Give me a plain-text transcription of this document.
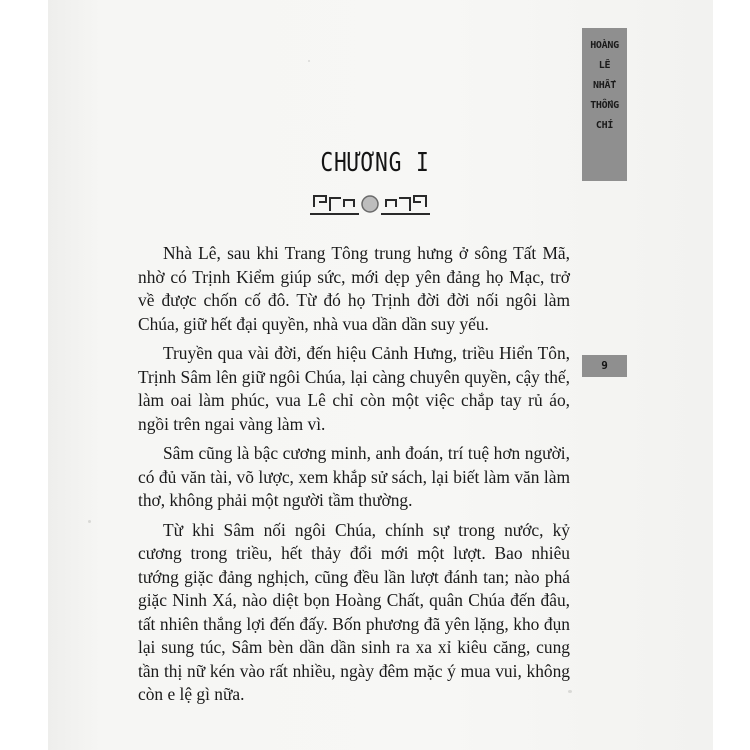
HOÀNG
LÊ
NHẤT
THỐNG
CHÍ
9
CHƯƠNG I

Nhà Lê, sau khi Trang Tông trung hưng ở sông Tất Mã, nhờ có Trịnh Kiểm giúp sức, mới dẹp yên đảng họ Mạc, trở về được chốn cố đô. Từ đó họ Trịnh đời đời nối ngôi làm Chúa, giữ hết đại quyền, nhà vua dần dần suy yếu.

Truyền qua vài đời, đến hiệu Cảnh Hưng, triều Hiển Tôn, Trịnh Sâm lên giữ ngôi Chúa, lại càng chuyên quyền, cậy thế, làm oai làm phúc, vua Lê chỉ còn một việc chắp tay rủ áo, ngồi trên ngai vàng làm vì.

Sâm cũng là bậc cương minh, anh đoán, trí tuệ hơn người, có đủ văn tài, võ lược, xem khắp sử sách, lại biết làm văn làm thơ, không phải một người tầm thường.

Từ khi Sâm nối ngôi Chúa, chính sự trong nước, kỷ cương trong triều, hết thảy đổi mới một lượt. Bao nhiêu tướng giặc đảng nghịch, cũng đều lần lượt đánh tan; nào phá giặc Ninh Xá, nào diệt bọn Hoàng Chất, quân Chúa đến đâu, tất nhiên thắng lợi đến đấy. Bốn phương đã yên lặng, kho đụn lại sung túc, Sâm bèn dần dần sinh ra xa xỉ kiêu căng, cung tần thị nữ kén vào rất nhiều, ngày đêm mặc ý mua vui, không còn e lệ gì nữa.
